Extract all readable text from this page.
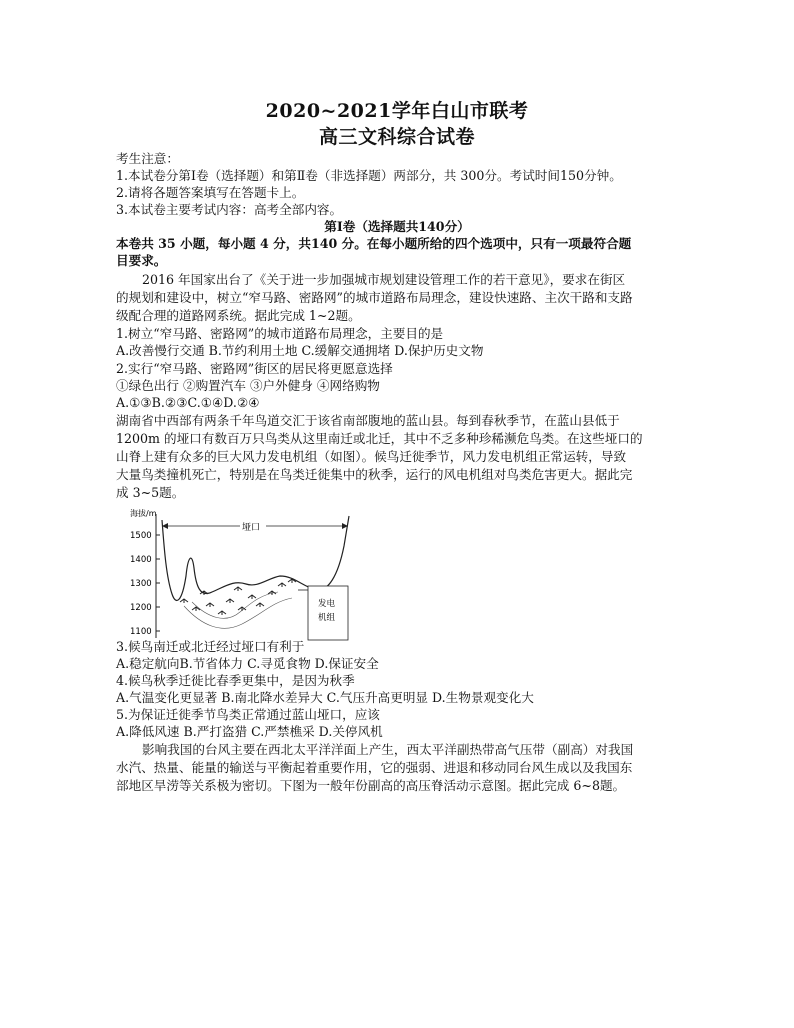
2020~2021学年白山市联考
高三文科综合试卷
考生注意：
1.本试卷分第Ⅰ卷（选择题）和第Ⅱ卷（非选择题）两部分，共 300分。考试时间150分钟。
2.请将各题答案填写在答题卡上。
3.本试卷主要考试内容：高考全部内容。
第Ⅰ卷（选择题共140分）
本卷共 35 小题，每小题 4 分，共140 分。在每小题所给的四个选项中，只有一项最符合题
目要求。
2016 年国家出台了《关于进一步加强城市规划建设管理工作的若干意见》，要求在街区
的规划和建设中，树立“窄马路、密路网”的城市道路布局理念，建设快速路、主次干路和支路
级配合理的道路网系统。据此完成 1~2题。
1.树立“窄马路、密路网”的城市道路布局理念，主要目的是
A.改善慢行交通 B.节约利用土地 C.缓解交通拥堵 D.保护历史文物
2.实行“窄马路、密路网”街区的居民将更愿意选择
①绿色出行 ②购置汽车 ③户外健身 ④网络购物
A.①③B.②③C.①④D.②④
湖南省中西部有两条千年鸟道交汇于该省南部腹地的蓝山县。每到春秋季节，在蓝山县低于
1200m 的垭口有数百万只鸟类从这里南迁或北迁，其中不乏多种珍稀濒危鸟类。在这些垭口的
山脊上建有众多的巨大风力发电机组（如图）。候鸟迁徙季节，风力发电机组正常运转，导致
大量鸟类撞机死亡，特别是在鸟类迁徙集中的秋季，运行的风电机组对鸟类危害更大。据此完
成 3~5题。
海拔/m
1500
1400
1300
1200
1100
垭口
发电
机组
3.候鸟南迁或北迁经过垭口有利于
A.稳定航向B.节省体力 C.寻觅食物 D.保证安全
4.候鸟秋季迁徙比春季更集中，是因为秋季
A.气温变化更显著 B.南北降水差异大 C.气压升高更明显 D.生物景观变化大
5.为保证迁徙季节鸟类正常通过蓝山垭口，应该
A.降低风速 B.严打盗猎 C.严禁樵采 D.关停风机
影响我国的台风主要在西北太平洋洋面上产生，西太平洋副热带高气压带（副高）对我国
水汽、热量、能量的输送与平衡起着重要作用，它的强弱、进退和移动同台风生成以及我国东
部地区旱涝等关系极为密切。下图为一般年份副高的高压脊活动示意图。据此完成 6~8题。
